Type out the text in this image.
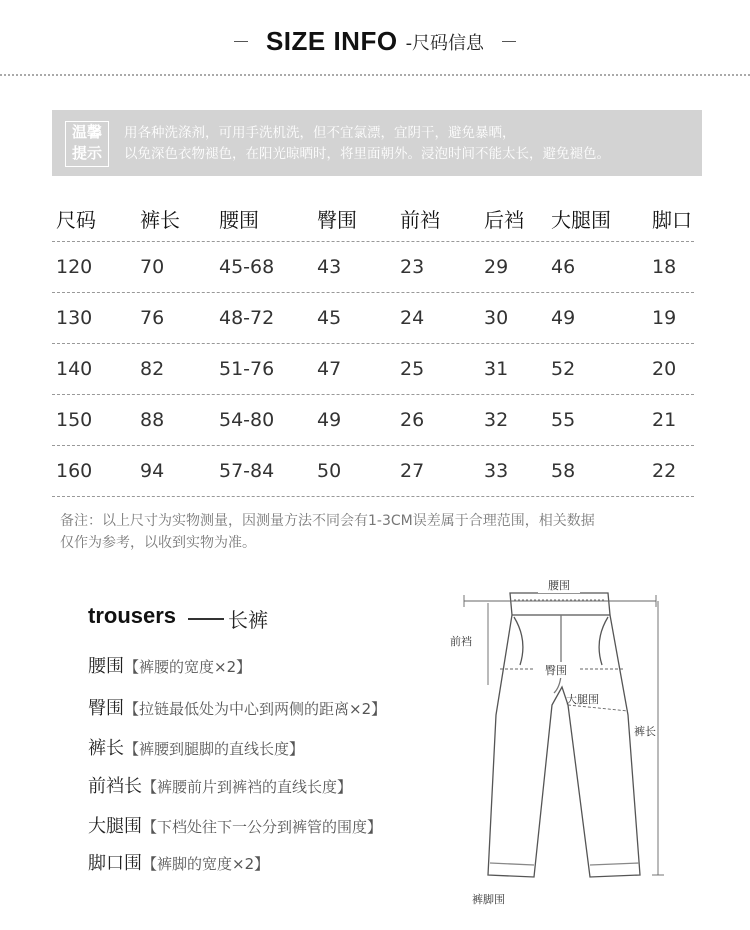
SIZE INFO -尺码信息
温馨
提示
用各种洗涤剂，可用手洗机洗，但不宜氯漂，宜阴干，避免暴晒，
以免深色衣物褪色，在阳光晾晒时，将里面朝外。浸泡时间不能太长，避免褪色。
尺码 裤长 腰围	臀围 前裆 后裆 大腿围 脚口
120	70	45-68 43	23	29 46	18
130	76	48-72 45	24	30 49	19
140	82	51-76 47	25	31 52	20
150	88	54-80 49	26	32 55	21
160	94	57-84 50	27	33 58	22
备注：以上尺寸为实物测量，因测量方法不同会有1-3CM误差属于合理范围，相关数据
仅作为参考，以收到实物为准。
trousers	长裤
腰围【裤腰的宽度×2】
臀围【拉链最低处为中心到两侧的距离×2】
裤长【裤腰到腿脚的直线长度】
前裆长【裤腰前片到裤裆的直线长度】
大腿围【下档处往下一公分到裤管的围度】
脚口围【裤脚的宽度×2】
腰围
前裆
臀围
大腿围
裤长
裤脚围
